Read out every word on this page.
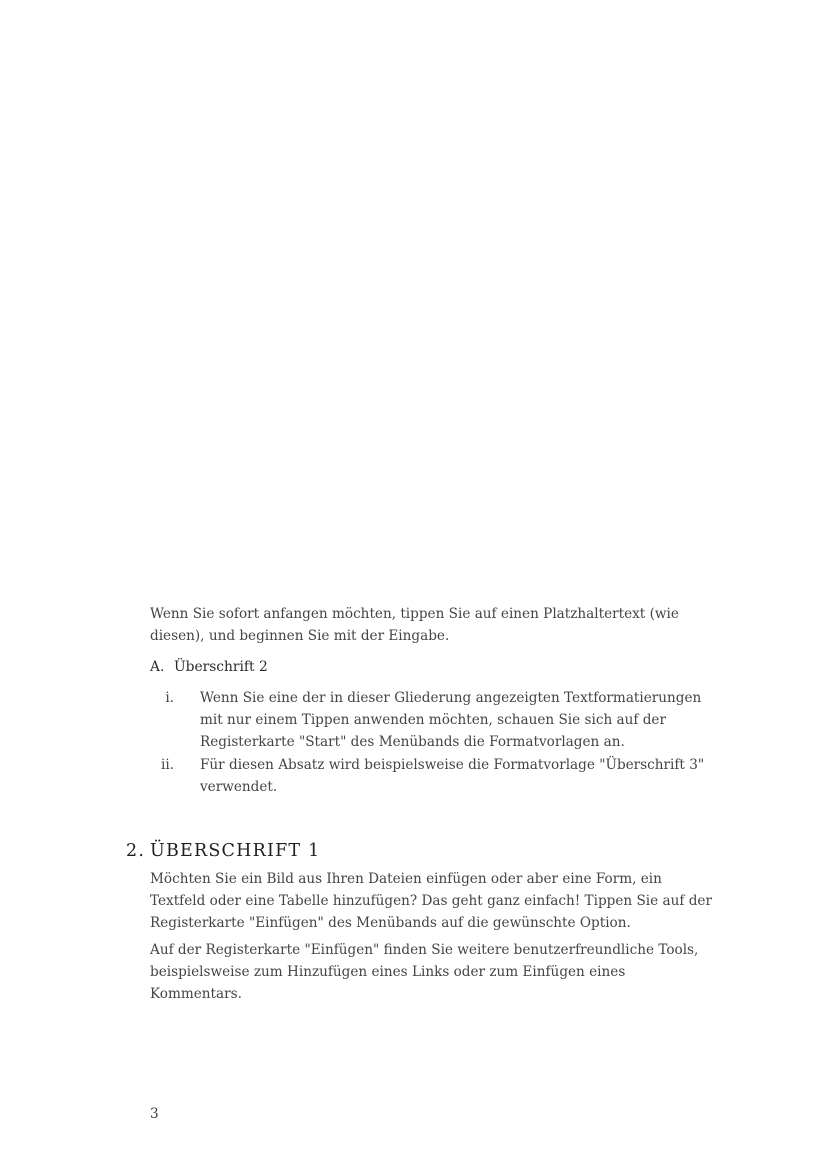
Wenn Sie sofort anfangen möchten, tippen Sie auf einen Platzhaltertext (wie diesen), und beginnen Sie mit der Eingabe.

A. Überschrift 2
i. Wenn Sie eine der in dieser Gliederung angezeigten Textformatierungen mit nur einem Tippen anwenden möchten, schauen Sie sich auf der Registerkarte "Start" des Menübands die Formatvorlagen an.
ii. Für diesen Absatz wird beispielsweise die Formatvorlage "Überschrift 3" verwendet.
2. ÜBERSCHRIFT 1

Möchten Sie ein Bild aus Ihren Dateien einfügen oder aber eine Form, ein Textfeld oder eine Tabelle hinzufügen? Das geht ganz einfach! Tippen Sie auf der Registerkarte "Einfügen" des Menübands auf die gewünschte Option.

Auf der Registerkarte "Einfügen" finden Sie weitere benutzerfreundliche Tools, beispielsweise zum Hinzufügen eines Links oder zum Einfügen eines Kommentars.

3
